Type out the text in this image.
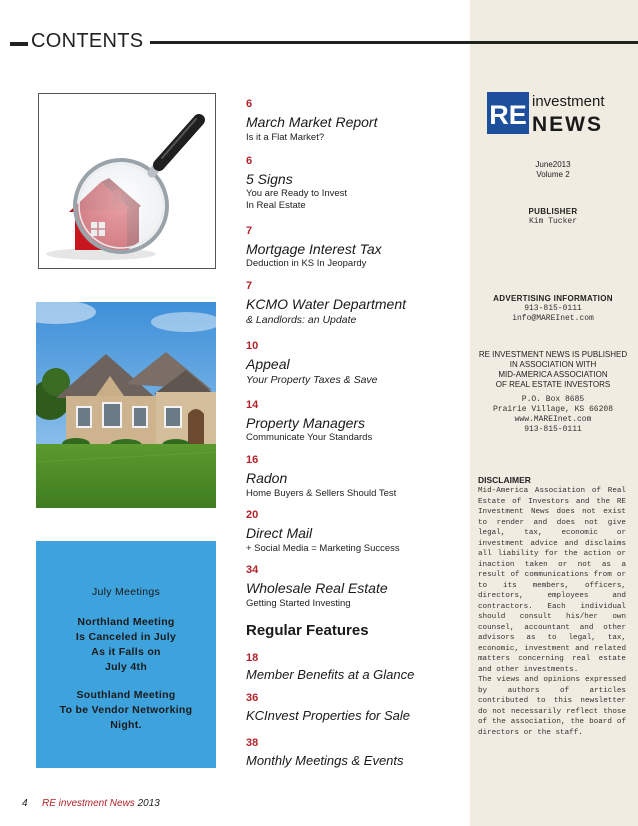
CONTENTS
July Meetings
Northland Meeting
Is Canceled in July
As it Falls on
July 4th
Southland Meeting
To be Vendor Networking
Night.
6
March Market Report
Is it a Flat Market?
6
5 Signs
You are Ready to Invest
In Real Estate
7
Mortgage Interest Tax
Deduction in KS In Jeopardy
7
KCMO Water Department
& Landlords: an Update
10
Appeal
Your Property Taxes & Save
14
Property Managers
Communicate Your Standards
16
Radon
Home Buyers & Sellers Should Test
20
Direct Mail
+ Social Media = Marketing Success
34
Wholesale Real Estate
Getting Started Investing
Regular Features
18
Member Benefits at a Glance
36
KCInvest Properties for Sale
38
Monthly Meetings & Events
RE investment
NEWS
June2013
Volume 2
PUBLISHER
Kim Tucker
ADVERTISING INFORMATION
913-815-0111
info@MAREInet.com
RE INVESTMENT NEWS IS PUBLISHED
IN ASSOCIATION WITH
MID-AMERICA ASSOCIATION
OF REAL ESTATE INVESTORS
P.O. Box 8685
Prairie Village, KS 66208
www.MAREInet.com
913-815-0111
DISCLAIMER
Mid-America Association of Real Estate of Investors and the RE Investment News does not exist to render and does not give legal, tax, economic or investment advice and disclaims all liability for the action or inaction taken or not as a result of communications from or to its members, officers, directors, employees and contractors. Each individual should consult his/her own counsel, accountant and other advisors as to legal, tax, economic, investment and related matters concerning real estate and other investments.
The views and opinions expressed by authors of articles contributed to this newsletter do not necessarily reflect those of the association, the board of directors or the staff.
4 RE investment News 2013
